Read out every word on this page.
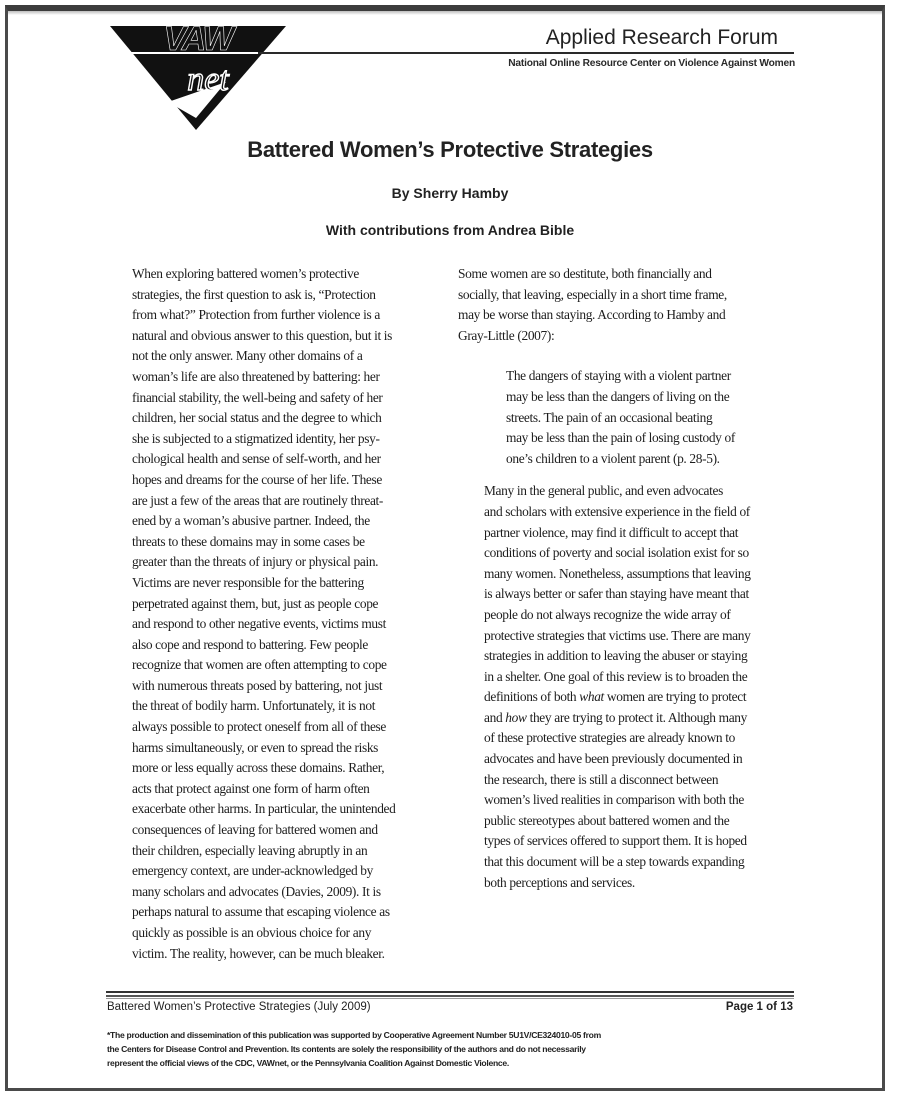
VAW
net
Applied Research Forum
National Online Resource Center on Violence Against Women
Battered Women’s Protective Strategies
By Sherry Hamby
With contributions from Andrea Bible

When exploring battered women’s protective
strategies, the first question to ask is, “Protection
from what?” Protection from further violence is a
natural and obvious answer to this question, but it is
not the only answer. Many other domains of a
woman’s life are also threatened by battering: her
financial stability, the well-being and safety of her
children, her social status and the degree to which
she is subjected to a stigmatized identity, her psy-
chological health and sense of self-worth, and her
hopes and dreams for the course of her life. These
are just a few of the areas that are routinely threat-
ened by a woman’s abusive partner. Indeed, the
threats to these domains may in some cases be
greater than the threats of injury or physical pain.

Victims are never responsible for the battering
perpetrated against them, but, just as people cope
and respond to other negative events, victims must
also cope and respond to battering. Few people
recognize that women are often attempting to cope
with numerous threats posed by battering, not just
the threat of bodily harm. Unfortunately, it is not
always possible to protect oneself from all of these
harms simultaneously, or even to spread the risks
more or less equally across these domains. Rather,
acts that protect against one form of harm often
exacerbate other harms. In particular, the unintended
consequences of leaving for battered women and
their children, especially leaving abruptly in an
emergency context, are under-acknowledged by
many scholars and advocates (Davies, 2009). It is
perhaps natural to assume that escaping violence as
quickly as possible is an obvious choice for any
victim. The reality, however, can be much bleaker.

Some women are so destitute, both financially and
socially, that leaving, especially in a short time frame,
may be worse than staying. According to Hamby and
Gray-Little (2007):

The dangers of staying with a violent partner
may be less than the dangers of living on the
streets. The pain of an occasional beating
may be less than the pain of losing custody of
one’s children to a violent parent (p. 28-5).

Many in the general public, and even advocates
and scholars with extensive experience in the field of
partner violence, may find it difficult to accept that
conditions of poverty and social isolation exist for so
many women. Nonetheless, assumptions that leaving
is always better or safer than staying have meant that
people do not always recognize the wide array of
protective strategies that victims use. There are many
strategies in addition to leaving the abuser or staying
in a shelter. One goal of this review is to broaden the
definitions of both what women are trying to protect
and how they are trying to protect it. Although many
of these protective strategies are already known to
advocates and have been previously documented in
the research, there is still a disconnect between
women’s lived realities in comparison with both the
public stereotypes about battered women and the
types of services offered to support them. It is hoped
that this document will be a step towards expanding
both perceptions and services.

Battered Women’s Protective Strategies (July 2009)	Page 1 of 13
*The production and dissemination of this publication was supported by Cooperative Agreement Number 5U1V/CE324010-05 from
the Centers for Disease Control and Prevention. Its contents are solely the responsibility of the authors and do not necessarily
represent the official views of the CDC, VAWnet, or the Pennsylvania Coalition Against Domestic Violence.
